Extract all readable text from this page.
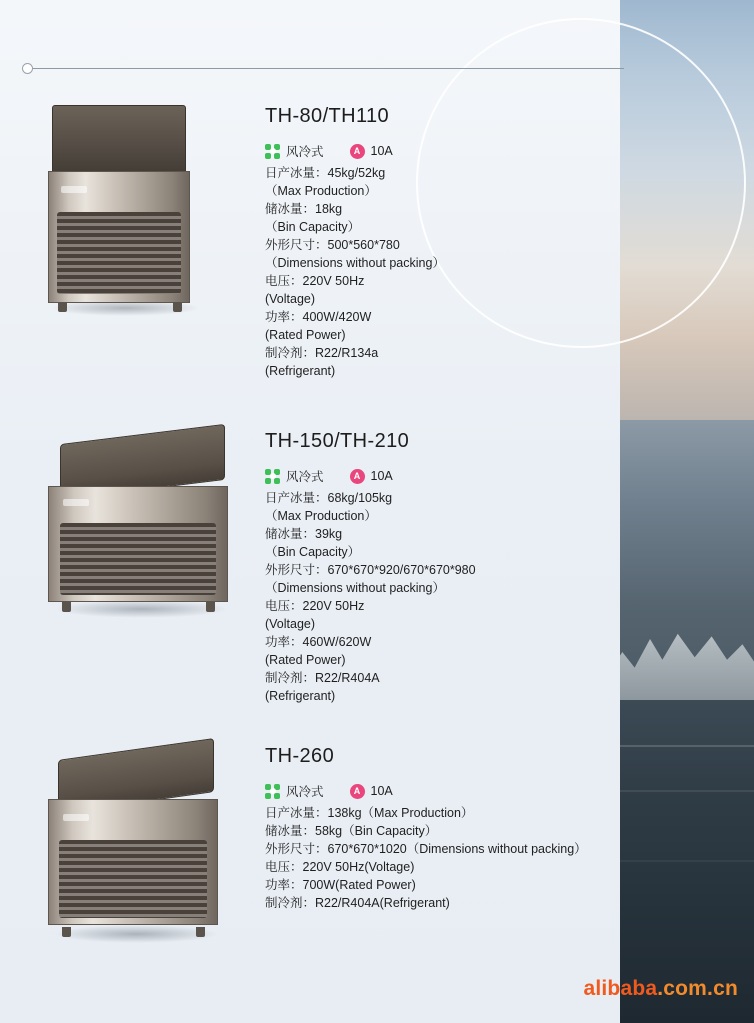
TH-80/TH110
风冷式	A 10A
日产冰量：45kg/52kg
（Max Production）
储冰量：18kg
（Bin Capacity）
外形尺寸：500*560*780
（Dimensions without packing）
电压：220V 50Hz
(Voltage)
功率：400W/420W
(Rated Power)
制冷剂：R22/R134a
(Refrigerant)
TH-150/TH-210
风冷式	A 10A
日产冰量：68kg/105kg
（Max Production）
储冰量：39kg
（Bin Capacity）
外形尺寸：670*670*920/670*670*980
（Dimensions without packing）
电压：220V 50Hz
(Voltage)
功率：460W/620W
(Rated Power)
制冷剂：R22/R404A
(Refrigerant)
TH-260
风冷式	A 10A
日产冰量：138kg（Max Production）
储冰量：58kg（Bin Capacity）
外形尺寸：670*670*1020（Dimensions without packing）
电压：220V 50Hz(Voltage)
功率：700W(Rated Power)
制冷剂：R22/R404A(Refrigerant)
alibaba.com.cn
